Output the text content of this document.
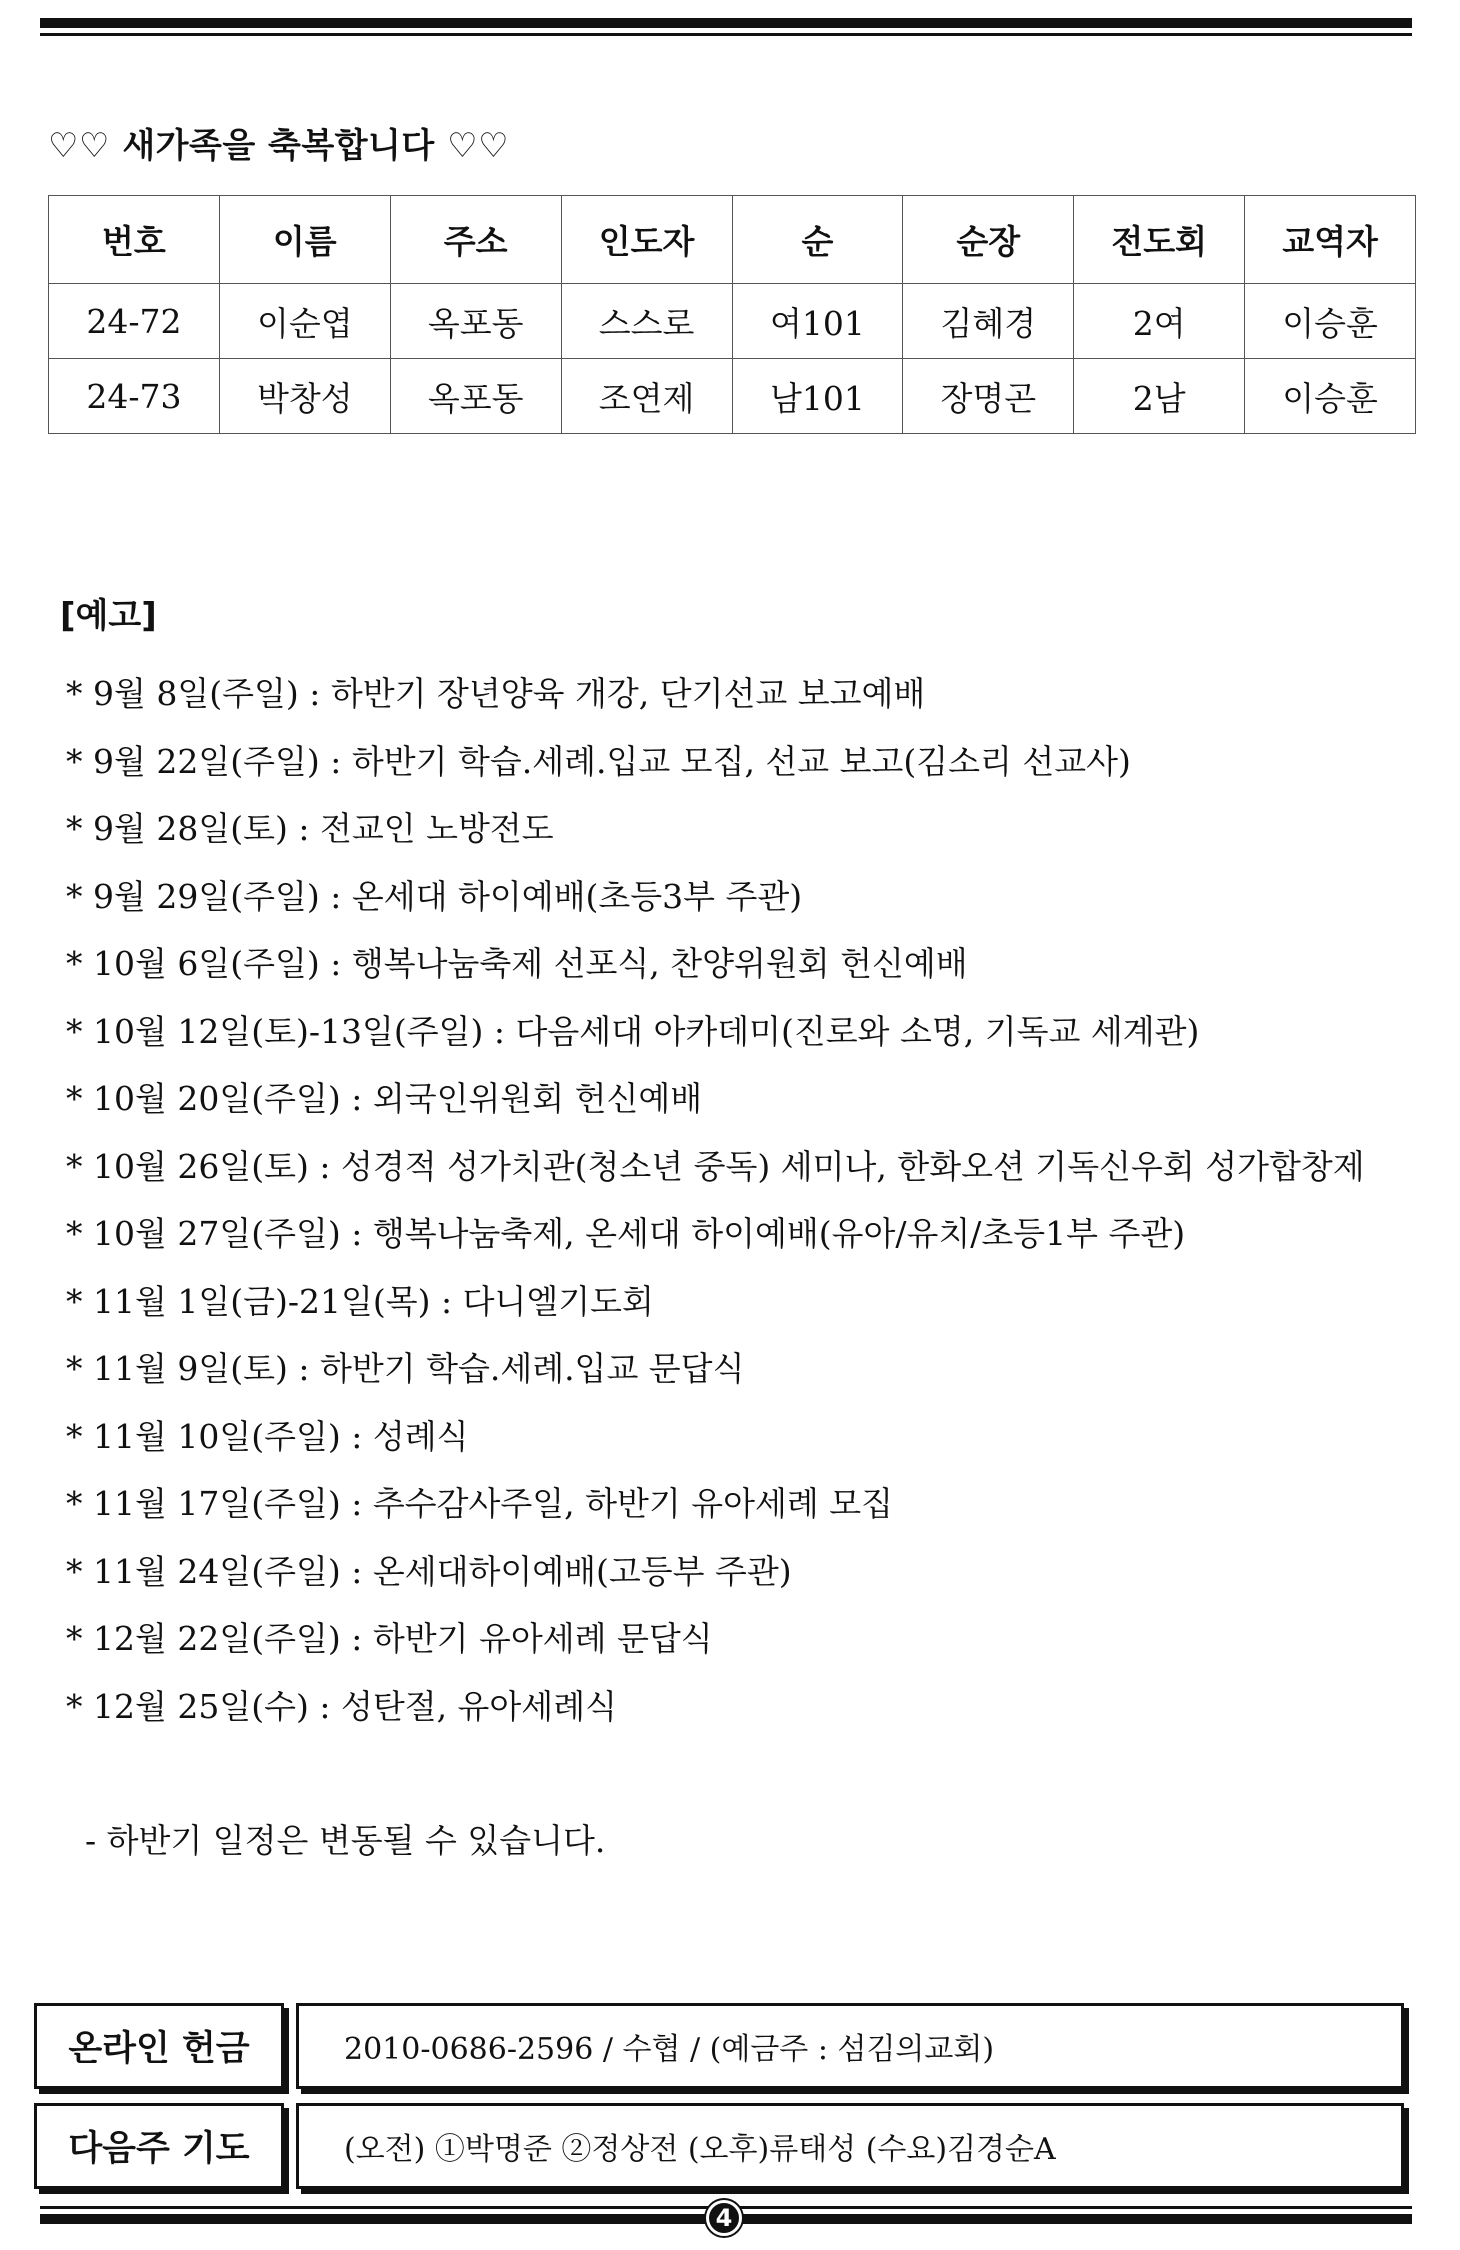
♡♡ 새가족을 축복합니다 ♡♡
번호	이름	주소	인도자	순	순장	전도회	교역자
24-72	이순엽	옥포동	스스로	여101	김혜경	2여	이승훈
24-73	박창성	옥포동	조연제	남101	장명곤	2남	이승훈
[예고]
* 9월 8일(주일) : 하반기 장년양육 개강, 단기선교 보고예배
* 9월 22일(주일) : 하반기 학습.세례.입교 모집, 선교 보고(김소리 선교사)
* 9월 28일(토) : 전교인 노방전도
* 9월 29일(주일) : 온세대 하이예배(초등3부 주관)
* 10월 6일(주일) : 행복나눔축제 선포식, 찬양위원회 헌신예배
* 10월 12일(토)-13일(주일) : 다음세대 아카데미(진로와 소명, 기독교 세계관)
* 10월 20일(주일) : 외국인위원회 헌신예배
* 10월 26일(토) : 성경적 성가치관(청소년 중독) 세미나, 한화오션 기독신우회 성가합창제
* 10월 27일(주일) : 행복나눔축제, 온세대 하이예배(유아/유치/초등1부 주관)
* 11월 1일(금)-21일(목) : 다니엘기도회
* 11월 9일(토) : 하반기 학습.세례.입교 문답식
* 11월 10일(주일) : 성례식
* 11월 17일(주일) : 추수감사주일, 하반기 유아세례 모집
* 11월 24일(주일) : 온세대하이예배(고등부 주관)
* 12월 22일(주일) : 하반기 유아세례 문답식
* 12월 25일(수) : 성탄절, 유아세례식
- 하반기 일정은 변동될 수 있습니다.
온라인 헌금	2010-0686-2596 / 수협 / (예금주 : 섬김의교회)
다음주 기도	(오전) ①박명준 ②정상전 (오후)류태성 (수요)김경순A
4
